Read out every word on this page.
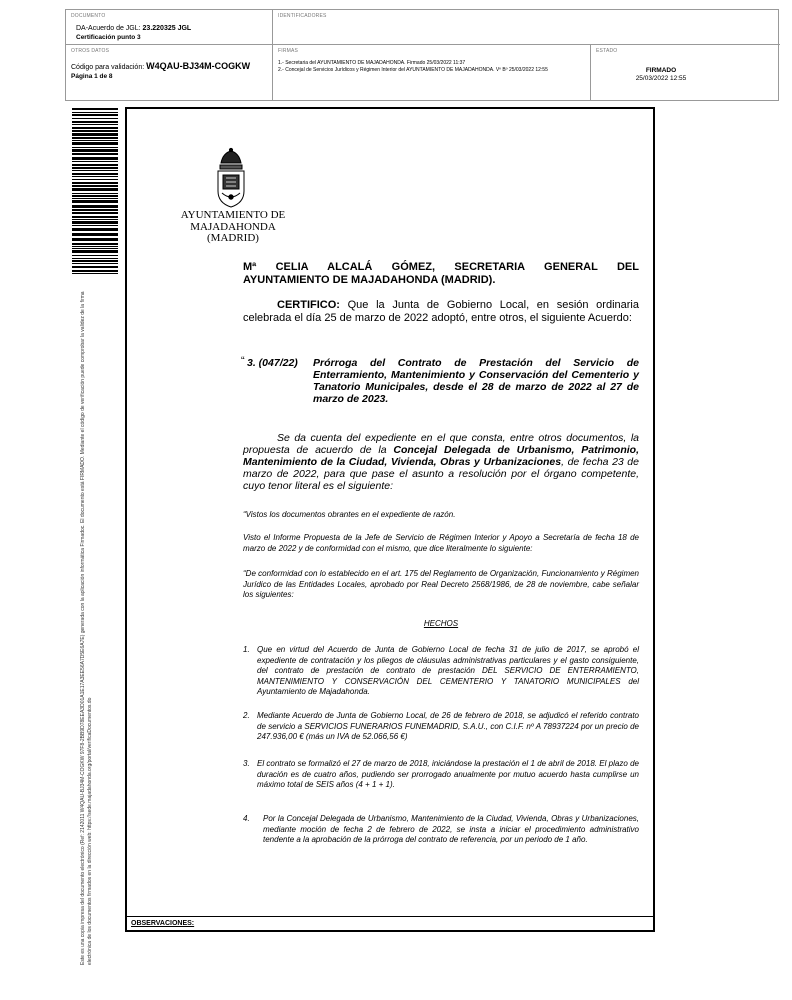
DOCUMENTO
DA-Acuerdo de JGL: 23.220325 JGL
Certificación punto 3
IDENTIFICADORES
OTROS DATOS
Código para validación: W4QAU-BJ34M-COGKW
Página 1 de 8
FIRMAS
1.- Secretaria del AYUNTAMIENTO DE MAJADAHONDA. Firmado 25/03/2022 11:37
2.- Concejal de Servicios Jurídicos y Régimen Interior del AYUNTAMIENTO DE MAJADAHONDA. Vº Bº 25/03/2022 12:55
ESTADO
FIRMADO
25/03/2022 12:55
Este es una copia impresa del documento electrónico (Ref: 2142011 W4QAU-BJ34M-COGKW 97F8-2BB9D78EEA3D01A1E17A3EE56A7D5E6A7E) generada con la aplicación informática Firmadoc. El documento está FIRMADO. Mediante el código de verificación puede comprobar la validez de la firma electrónica de los documentos firmados en la dirección web: https://sede.majadahonda.org/portal/verificaDocumentos.do
AYUNTAMIENTO DE
MAJADAHONDA
(MADRID)
Mª CELIA ALCALÁ GÓMEZ, SECRETARIA GENERAL DEL
AYUNTAMIENTO DE MAJADAHONDA (MADRID).
CERTIFICO: Que la Junta de Gobierno Local, en sesión ordinaria celebrada el día 25 de marzo de 2022 adoptó, entre otros, el siguiente Acuerdo:
“ 3. (047/22) Prórroga del Contrato de Prestación del Servicio de Enterramiento, Mantenimiento y Conservación del Cementerio y Tanatorio Municipales, desde el 28 de marzo de 2022 al 27 de marzo de 2023.
Se da cuenta del expediente en el que consta, entre otros documentos, la propuesta de acuerdo de la Concejal Delegada de Urbanismo, Patrimonio, Mantenimiento de la Ciudad, Vivienda, Obras y Urbanizaciones, de fecha 23 de marzo de 2022, para que pase el asunto a resolución por el órgano competente, cuyo tenor literal es el siguiente:
“Vistos los documentos obrantes en el expediente de razón.
Visto el Informe Propuesta de la Jefe de Servicio de Régimen Interior y Apoyo a Secretaría de fecha 18 de marzo de 2022 y de conformidad con el mismo, que dice literalmente lo siguiente:
“De conformidad con lo establecido en el art. 175 del Reglamento de Organización, Funcionamiento y Régimen Jurídico de las Entidades Locales, aprobado por Real Decreto 2568/1986, de 28 de noviembre, cabe señalar los siguientes:
HECHOS
1. Que en virtud del Acuerdo de Junta de Gobierno Local de fecha 31 de julio de 2017, se aprobó el expediente de contratación y los pliegos de cláusulas administrativas particulares y el gasto consiguiente, del contrato de prestación de contrato de prestación DEL SERVICIO DE ENTERRAMIENTO, MANTENIMIENTO Y CONSERVACIÓN DEL CEMENTERIO Y TANATORIO MUNICIPALES del Ayuntamiento de Majadahonda.
2. Mediante Acuerdo de Junta de Gobierno Local, de 26 de febrero de 2018, se adjudicó el referido contrato de servicio a SERVICIOS FUNERARIOS FUNEMADRID, S.A.U., con C.I.F. nº A 78937224 por un precio de 247.936,00 € (más un IVA de 52.066,56 €)
3. El contrato se formalizó el 27 de marzo de 2018, iniciándose la prestación el 1 de abril de 2018. El plazo de duración es de cuatro años, pudiendo ser prorrogado anualmente por mutuo acuerdo hasta cumplirse un máximo total de SEIS años (4 + 1 + 1).
4. Por la Concejal Delegada de Urbanismo, Mantenimiento de la Ciudad, Vivienda, Obras y Urbanizaciones, mediante moción de fecha 2 de febrero de 2022, se insta a iniciar el procedimiento administrativo tendente a la aprobación de la prórroga del contrato de referencia, por un periodo de 1 año.
OBSERVACIONES:
